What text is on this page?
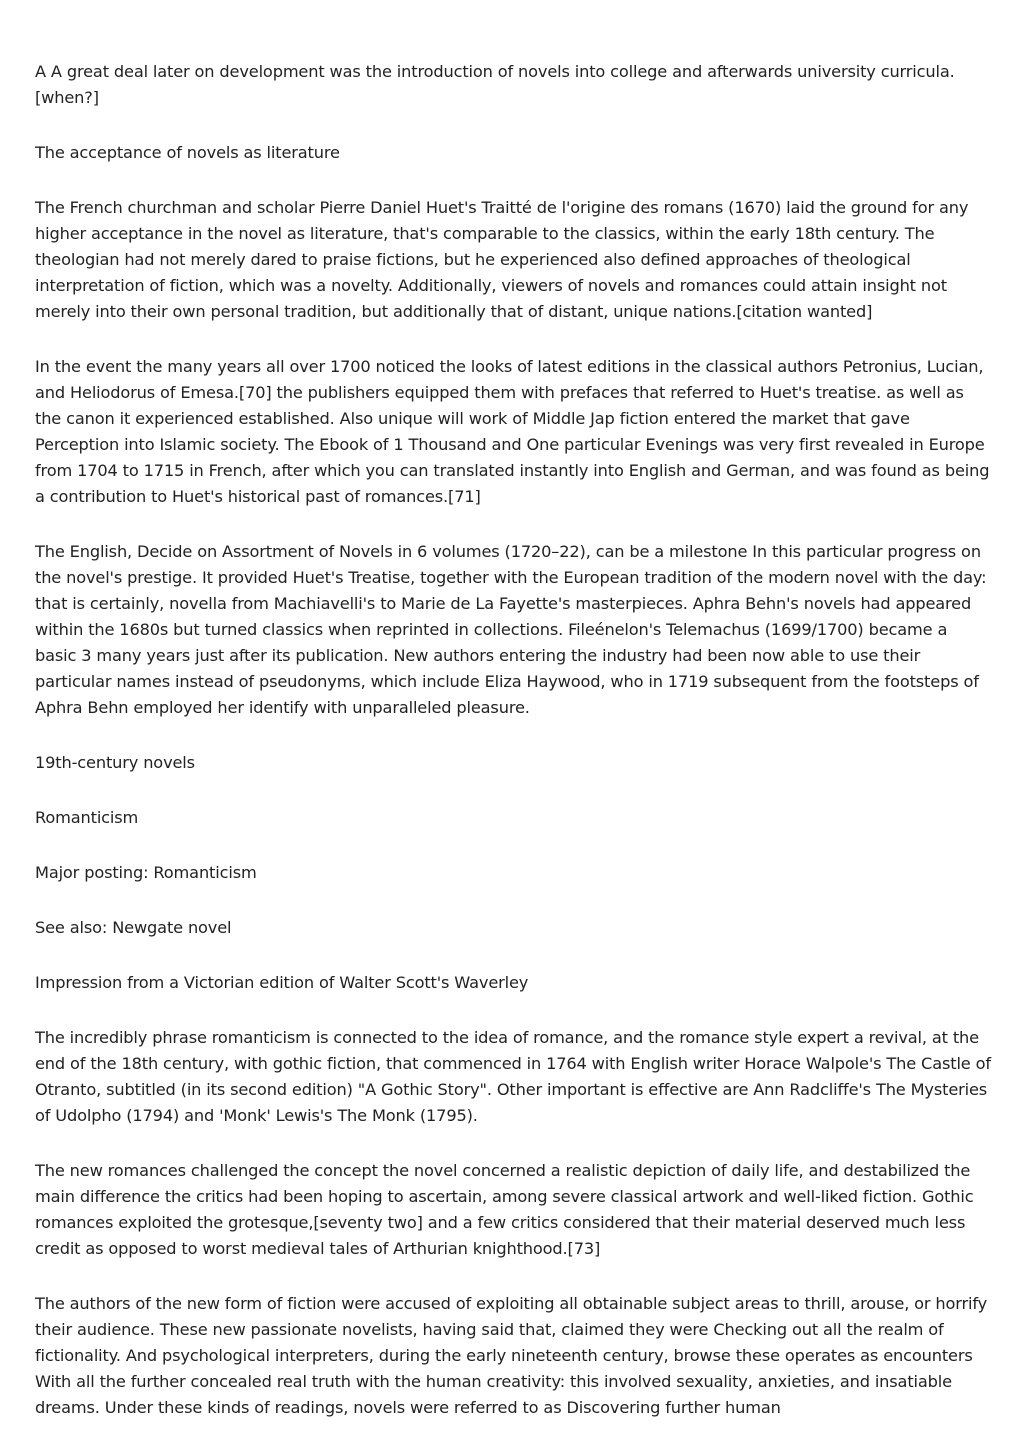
A A great deal later on development was the introduction of novels into college and afterwards university curricula.[when?]

The acceptance of novels as literature

The French churchman and scholar Pierre Daniel Huet's Traitté de l'origine des romans (1670) laid the ground for any higher acceptance in the novel as literature, that's comparable to the classics, within the early 18th century. The theologian had not merely dared to praise fictions, but he experienced also defined approaches of theological interpretation of fiction, which was a novelty. Additionally, viewers of novels and romances could attain insight not merely into their own personal tradition, but additionally that of distant, unique nations.[citation wanted]

In the event the many years all over 1700 noticed the looks of latest editions in the classical authors Petronius, Lucian, and Heliodorus of Emesa.[70] the publishers equipped them with prefaces that referred to Huet's treatise. as well as the canon it experienced established. Also unique will work of Middle Jap fiction entered the market that gave Perception into Islamic society. The Ebook of 1 Thousand and One particular Evenings was very first revealed in Europe from 1704 to 1715 in French, after which you can translated instantly into English and German, and was found as being a contribution to Huet's historical past of romances.[71]

The English, Decide on Assortment of Novels in 6 volumes (1720–22), can be a milestone In this particular progress on the novel's prestige. It provided Huet's Treatise, together with the European tradition of the modern novel with the day: that is certainly, novella from Machiavelli's to Marie de La Fayette's masterpieces. Aphra Behn's novels had appeared within the 1680s but turned classics when reprinted in collections. Fileénelon's Telemachus (1699/1700) became a basic 3 many years just after its publication. New authors entering the industry had been now able to use their particular names instead of pseudonyms, which include Eliza Haywood, who in 1719 subsequent from the footsteps of Aphra Behn employed her identify with unparalleled pleasure.

19th-century novels

Romanticism

Major posting: Romanticism

See also: Newgate novel

Impression from a Victorian edition of Walter Scott's Waverley

The incredibly phrase romanticism is connected to the idea of romance, and the romance style expert a revival, at the end of the 18th century, with gothic fiction, that commenced in 1764 with English writer Horace Walpole's The Castle of Otranto, subtitled (in its second edition) "A Gothic Story". Other important is effective are Ann Radcliffe's The Mysteries of Udolpho (1794) and 'Monk' Lewis's The Monk (1795).

The new romances challenged the concept the novel concerned a realistic depiction of daily life, and destabilized the main difference the critics had been hoping to ascertain, among severe classical artwork and well-liked fiction. Gothic romances exploited the grotesque,[seventy two] and a few critics considered that their material deserved much less credit as opposed to worst medieval tales of Arthurian knighthood.[73]

The authors of the new form of fiction were accused of exploiting all obtainable subject areas to thrill, arouse, or horrify their audience. These new passionate novelists, having said that, claimed they were Checking out all the realm of fictionality. And psychological interpreters, during the early nineteenth century, browse these operates as encounters With all the further concealed real truth with the human creativity: this involved sexuality, anxieties, and insatiable dreams. Under these kinds of readings, novels were referred to as Discovering further human
